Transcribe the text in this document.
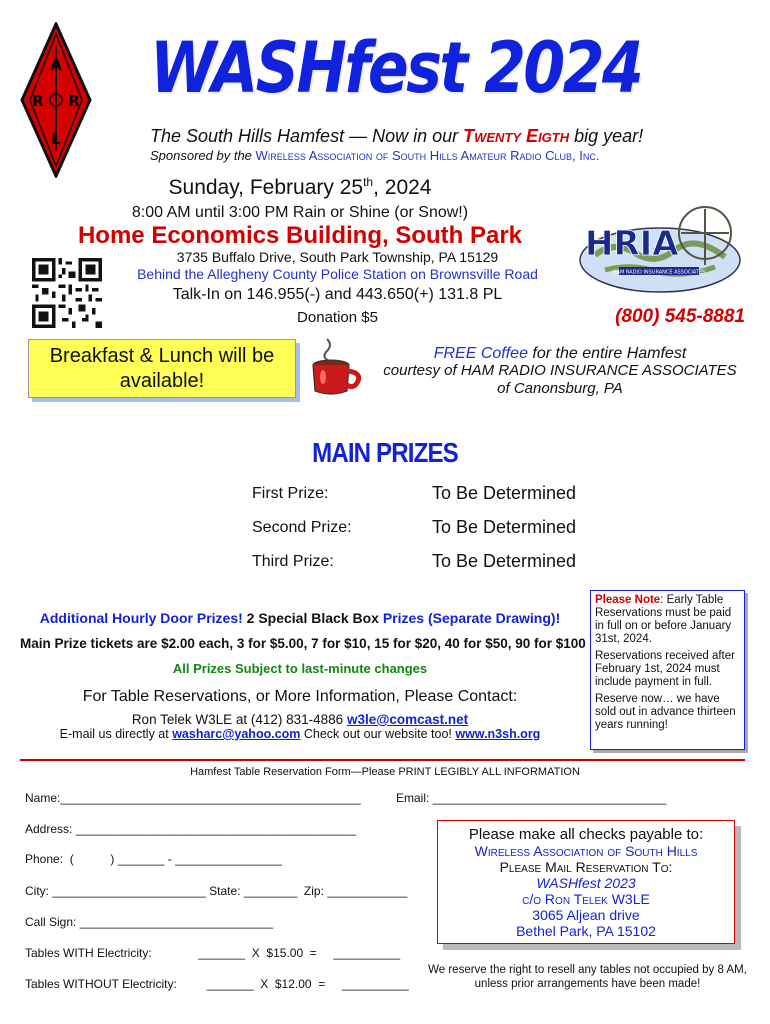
A
R R
L
WASHfest 2024
The South Hills Hamfest — Now in our Twenty Eigth big year!
Sponsored by the Wireless Association of South Hills Amateur Radio Club, Inc.
Sunday, February 25th, 2024
8:00 AM until 3:00 PM Rain or Shine (or Snow!)
Home Economics Building, South Park
3735 Buffalo Drive, South Park Township, PA 15129
Behind the Allegheny County Police Station on Brownsville Road
Talk-In on 146.955(-) and 443.650(+) 131.8 PL
Donation $5
HRIA
HAM RADIO INSURANCE ASSOCIATES
(800) 545-8881
Breakfast & Lunch will be available!
FREE Coffee for the entire Hamfest
courtesy of HAM RADIO INSURANCE ASSOCIATES
of Canonsburg, PA
MAIN PRIZES
First Prize:	To Be Determined
Second Prize:	To Be Determined
Third Prize:	To Be Determined

Please Note: Early Table Reservations must be paid in full on or before January 31st, 2024.

Reservations received after February 1st, 2024 must include payment in full.

Reserve now… we have sold out in advance thirteen years running!

Additional Hourly Door Prizes! 2 Special Black Box Prizes (Separate Drawing)!
Main Prize tickets are $2.00 each, 3 for $5.00, 7 for $10, 15 for $20, 40 for $50, 90 for $100
All Prizes Subject to last-minute changes
For Table Reservations, or More Information, Please Contact:
Ron Telek W3LE at (412) 831-4886 w3le@comcast.net
E-mail us directly at washarc@yahoo.com Check out our website too! www.n3sh.org
Hamfest Table Reservation Form—Please PRINT LEGIBLY ALL INFORMATION
Name:_____________________________________________	Email: ___________________________________
Address: __________________________________________
Phone:  (           ) _______ - ________________
City: _______________________ State: ________  Zip: ____________
Call Sign: _____________________________
Tables WITH Electricity:              _______  X  $15.00  =     __________
Tables WITHOUT Electricity:         _______  X  $12.00  =     __________
Please make all checks payable to:
Wireless Association of South Hills
Please Mail Reservation To:
WASHfest 2023
c/o Ron Telek W3LE
3065 Aljean drive
Bethel Park, PA 15102
We reserve the right to resell any tables not occupied by 8 AM, unless prior arrangements have been made!
